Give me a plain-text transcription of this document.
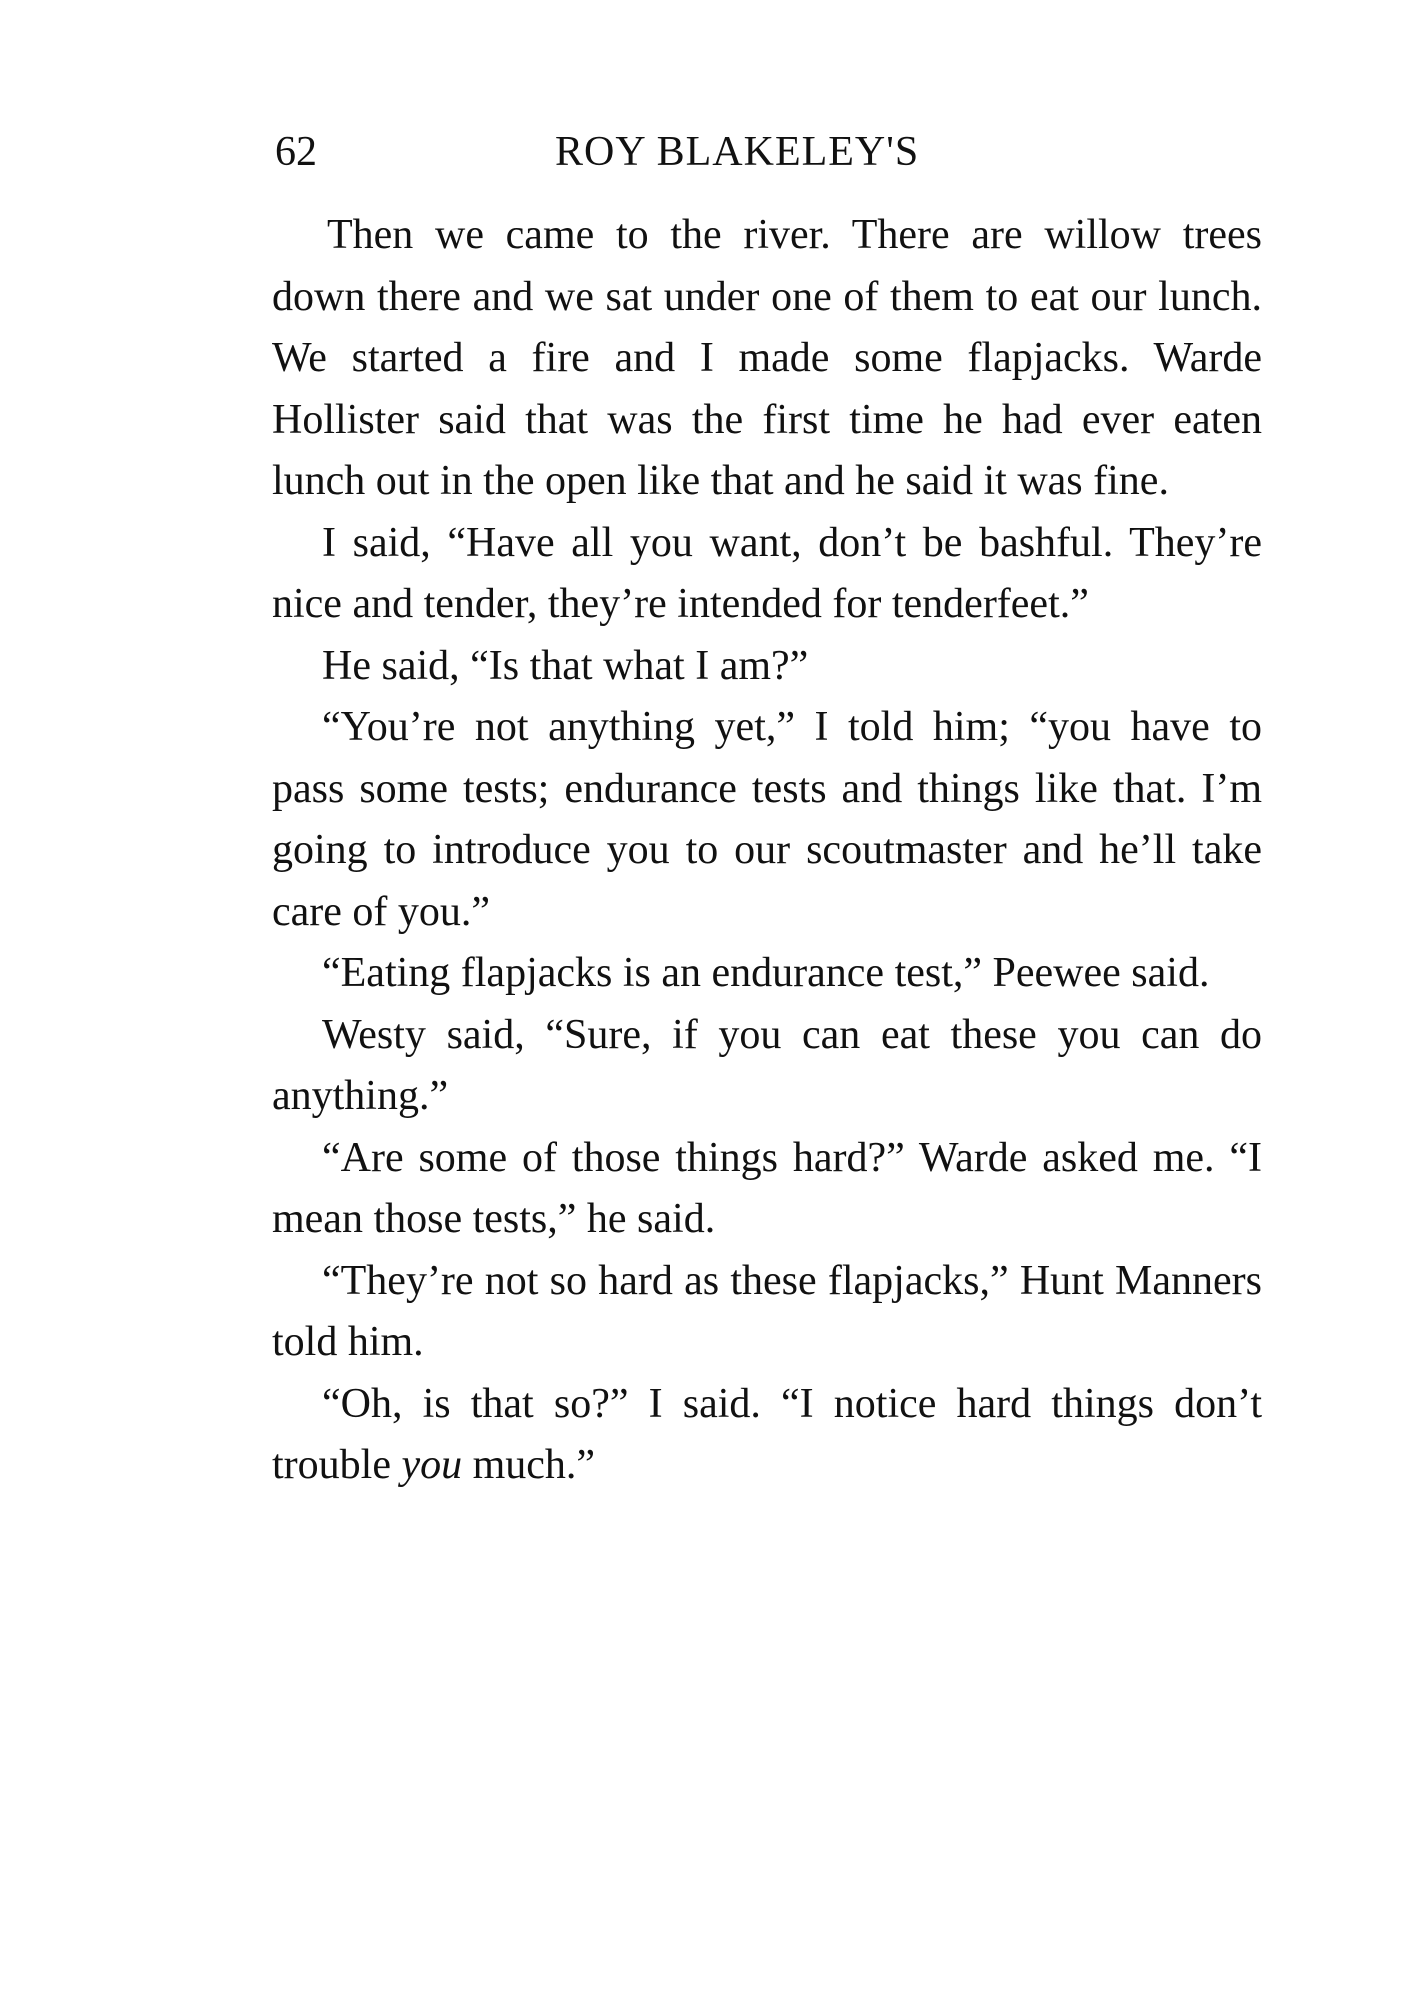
62	ROY BLAKELEY'S

Then we came to the river. There are willow trees down there and we sat under one of them to eat our lunch. We started a fire and I made some flapjacks. Warde Hollister said that was the first time he had ever eaten lunch out in the open like that and he said it was fine.

I said, “Have all you want, don’t be bashful. They’re nice and tender, they’re intended for tenderfeet.”

He said, “Is that what I am?”

“You’re not anything yet,” I told him; “you have to pass some tests; endurance tests and things like that. I’m going to introduce you to our scoutmaster and he’ll take care of you.”

“Eating flapjacks is an endurance test,” Peewee said.

Westy said, “Sure, if you can eat these you can do anything.”

“Are some of those things hard?” Warde asked me. “I mean those tests,” he said.

“They’re not so hard as these flapjacks,” Hunt Manners told him.

“Oh, is that so?” I said. “I notice hard things don’t trouble you much.”
